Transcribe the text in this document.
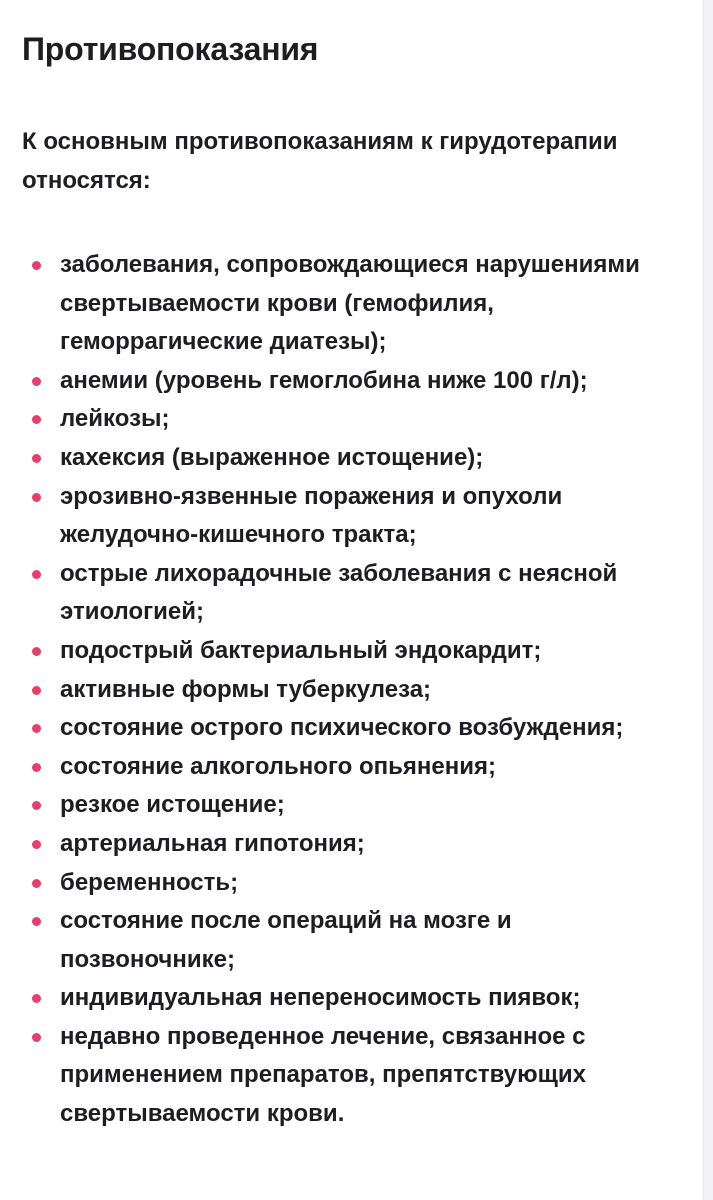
Противопоказания

К основным противопоказаниям к гирудотерапии относятся:

заболевания, сопровождающиеся нарушениями свертываемости крови (гемофилия, геморрагические диатезы);
анемии (уровень гемоглобина ниже 100 г/л);
лейкозы;
кахексия (выраженное истощение);
эрозивно-язвенные поражения и опухоли желудочно-кишечного тракта;
острые лихорадочные заболевания с неясной этиологией;
подострый бактериальный эндокардит;
активные формы туберкулеза;
состояние острого психического возбуждения;
состояние алкогольного опьянения;
резкое истощение;
артериальная гипотония;
беременность;
состояние после операций на мозге и позвоночнике;
индивидуальная непереносимость пиявок;
недавно проведенное лечение, связанное с применением препаратов, препятствующих свертываемости крови.
